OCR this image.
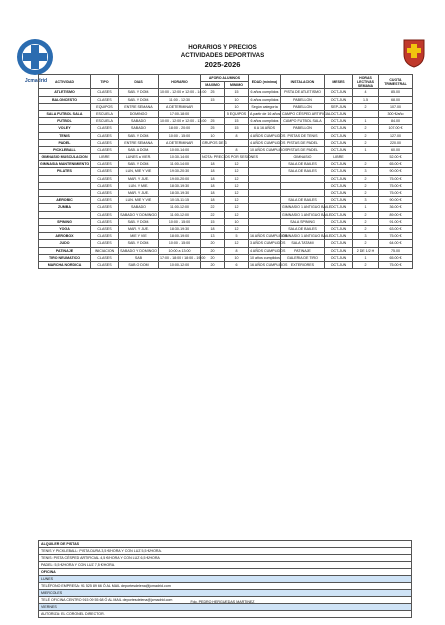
Jcmadrid
HORARIOS Y PRECIOS
ACTIVIDADES DEPORTIVAS
2025-2026
ACTIVIDAD	TIPO	DIAS	HORARIO	AFORO ALUMNOS		EDAD (mínima)	INSTALACION	MESES	HORAS LECTIVAS SEMANA	CUOTA TRIMESTRAL
				MAXIMO	MINIMO					
ATLETISMO	CLASES	SAB. Y DOM.	10:00 - 12:00 e 12:00 - 14:00	25	15	6 años cumplidos	PISTA DE ATLETISMO	OCT-JUN	4	85.00
BALONCESTO	CLASES	SAB. Y DOM.	11:00 - 12:30	15	10	6 años cumplidos	PABELLON	OCT-JUN	1.5	68.00
	EQUIPOS	ENTRE SEMANA	A DETERMINAR		10	Según categoría	PABELLON	SEP-JUN	2	107.00
SALA FUTBOL SALA	ESCUELA	DOMINGO	17:00-18:00		5 EQUIPOS	A partir de 16 años	CAMPO CÉSPED ARTIFICIAL	OCT-JUN		300 €/año
FUTBOL	ESCUELA	SABADO	10:00 - 12:00 e 12:00 - 13:00	25	15	6 años cumplidos	CAMPO FUTBOL SALA	OCT-JUN	1	84.00
VOLEY	CLASES	SABADO	18:00 - 20:00	25	15	6 A 16 AÑOS	PABELLON	OCT-JUN	2	107.00 €
TENIS	CLASES	SAB. Y DOM.	10:00 - 15:00	10	8	4 AÑOS CUMPLIDOS	PISTAS DE TENIS	OCT-JUN	2	127.00
PADEL	CLASES	ENTRE SEMANA	A DETERMINAR	GRUPOS DE 3		4 AÑOS CUMPLIDOS	PISTAS DE PADEL	OCT-JUN	2	220.00
PICKLEBALL	CLASES	SAB. A DOM.	10:00-14:00		8	10 AÑOS CUMPLIDOS	PISTAS DE PADEL	OCT-JUN	1	60.00
GIMNASIO MUSCULACION	LIBRE	LUNES a VIER.	10:30-14:00	NOTA: PRECIOS POR SESIONES			GIMNASIO	LIBRE		52.00 €
GIMNASIA MANTENIMIENTO	CLASES	SAB. Y DOM.	11:00-14:00	18	12		SALA DE BAILES	OCT-JUN	2	65.00 €
PILATES	CLASES	LUN, MIE Y VIE	19:30-20:30	18	12		SALA DE BAILES	OCT-JUN	3	90.00 €
	CLASES	MAR. Y JUE.	19:00-20:00	18	12			OCT-JUN	2	75.00 €
	CLASES	LUN. Y MIE.	18:30-19:30	18	12			OCT-JUN	2	75.00 €
	CLASES	MAR. Y JUE.	18:30-19:30	18	12			OCT-JUN	2	75.00 €
AEROBIC	CLASES	LUN. MIE Y VIE	10:15-11:15	18	12		SALA DE BAILES	OCT-JUN	3	90.00 €
ZUMBA	CLASES	SABADO	11:00-12:00	22	12		GIMNASIO 1 ANTIGUO BAILE	OCT-JUN	1	36.00 €
	CLASES	SABADO Y DOMINGO	11:00-12:00	22	12		GIMNASIO 1 ANTIGUO BAILE	OCT-JUN	2	89.00 €
SPINING	CLASES	SAB. Y DOM.	10:00 - 15:00	15	10		SALA SPINING	OCT-JUN	2	91.00 €
YOGA	CLASES	MAR. Y JUE.	18:30-19:30	18	12		SALA DE BAILES	OCT-JUN	2	63.00 €
AEROBOX	CLASES	MIE Y VIE	18:00-19:00	13	5	16 AÑOS CUMPLIDOS	GIMNASIO 1 ANTIGUO BAILE	OCT-JUN	3	75.00 €
JUDO	CLASES	SAB. Y DOM.	10:00 - 15:00	20	12	3 AÑOS CUMPLIDOS	SALA TATAMI	OCT-JUN	2	64.00 €
PATINAJE	INICIACION	SABADO Y DOMINGO	10:00 a 13:00	20	8	4 AÑOS CUMPLIDOS	PATINAJE	OCT-JUN	2 DE 1/2 H	75.00
TIRO NEUMATICO	CLASES	SAB	17:00 - 18:00 / 18:00 - 19:00	20	10	10 años cumplidos	GALERIA DE TIRO	OCT-JUN	1	65.00 €
MARCHA NORDICA	CLASES	SAB O DOM	10:00-12:00	20	6	16 AÑOS CUMPLIDOS	EXTERIORES	OCT-JUN	2	75.00 €
ALQUILER DE PISTAS
TENIS Y PICKLEBALL: PISTA DURA 3,5 €/HORA Y CON LUZ 5,5 €/HORA.
TENIS: PISTA CÉSPED ARTIFICIAL 4,5 €/HORA Y CON LUZ 6,5 €/HORA
PADEL: 5,5 €/HORA Y CON LUZ 7,5 €/HORA.
OFICINA
LUNES
TELÉFONO EMPRESA: 91 525 89 66 Ó AL MAIL deportesdelena@jcmadrid.com
MIERCOLES
TELÉ OFICINA CENTRO 915 09 55 68 Ó AL MAIL deportesdelena@jcmadrid.com
VIERNES
AUTORIZA: EL CORONEL DIRECTOR.
Fdo. PEDRO HERGUEDAS MARTINEZ
